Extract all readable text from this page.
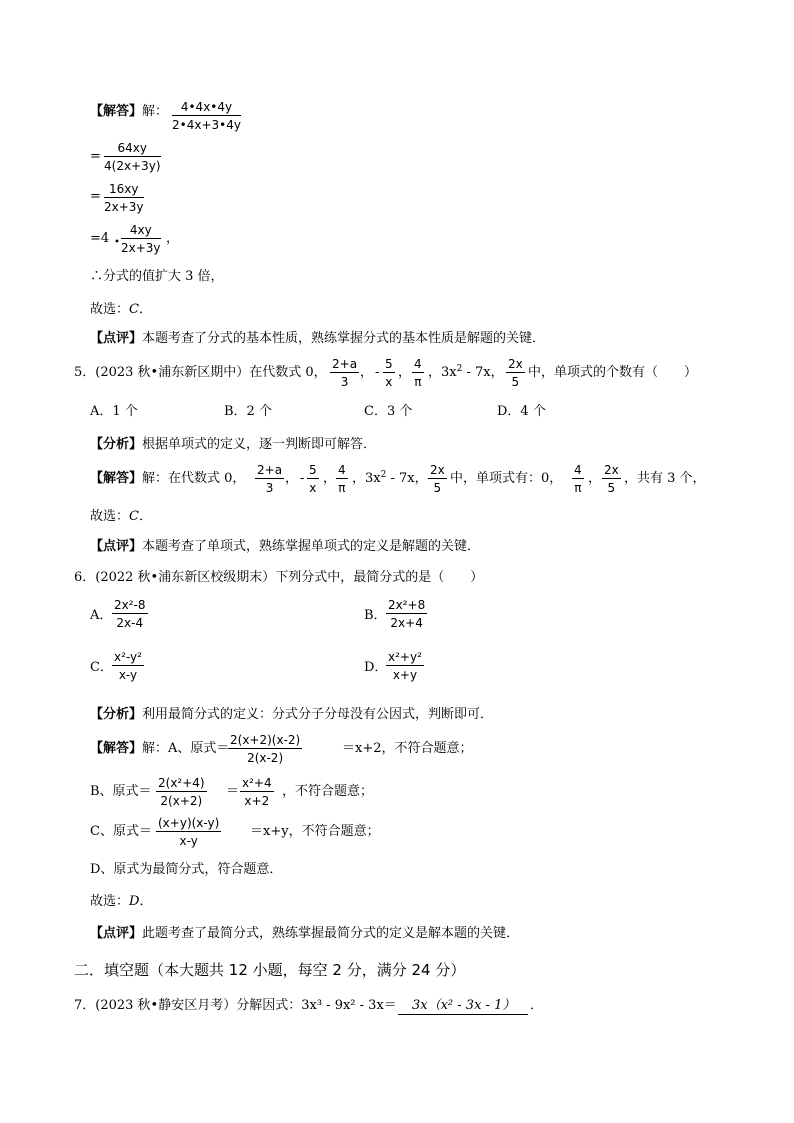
【解答】解： $\frac{4•4x•4y}{2•4x+3•4y}$
= $\frac{64xy}{4(2x+3y)}$
= $\frac{16xy}{2x+3y}$
=4 • $\frac{4xy}{2x+3y}$ ，
∴分式的值扩大 3 倍，
故选：C．
【点评】本题考查了分式的基本性质，熟练掌握分式的基本性质是解题的关键．
5．(2023 秋•浦东新区期中）在代数式 0， $\frac{2+a}{3}$ ， - $\frac{5}{x}$ ， $\frac{4}{\pi}$ ，$3x^2 - 7x$， $\frac{2x}{5}$ 中，单项式的个数有（　　）
A．1 个	B．2 个	C．3 个	D．4 个
【分析】根据单项式的定义，逐一判断即可解答．
【解答】解：在代数式 0， $\frac{2+a}{3}$ ， - $\frac{5}{x}$ ， $\frac{4}{\pi}$ ，$3x^2 - 7x$， $\frac{2x}{5}$ 中，单项式有：0， $\frac{4}{\pi}$ ， $\frac{2x}{5}$ ，共有 3 个，
故选：C．
【点评】本题考查了单项式，熟练掌握单项式的定义是解题的关键．
6．(2022 秋•浦东新区校级期末）下列分式中，最简分式的是（　　）
A． $\frac{\text{2x²-8}}{2x-4}$	B． $\frac{\text{2x²+8}}{2x+4}$
C． $\frac{\text{x²-y²}}{x-y}$	D．
$\frac{\text{x²+y²}}{x+y}$
【分析】利用最简分式的定义：分式分子分母没有公因式，判断即可．
【解答】解：A、原式＝
$\frac{2(x+2)(x-2)}{2(x-2)}$	＝x+2，不符合题意；
B、原式＝ $\frac{\text{2(x²+4)}}{2(x+2)} = \frac{\text{x²+4}}{x+2}$ ，不符合题意；
C、原式＝ $\frac{(x+y)(x-y)}{x-y} =x+y$，不符合题意；
D、原式为最简分式，符合题意．
故选：D．
【点评】此题考查了最简分式，熟练掌握最简分式的定义是解本题的关键．
二．填空题（本大题共 12 小题，每空 2 分，满分 24 分）
7．(2023 秋•静安区月考）分解因式：3x³ - 9x² - 3x＝ 3x（x² - 3x - 1） ．
